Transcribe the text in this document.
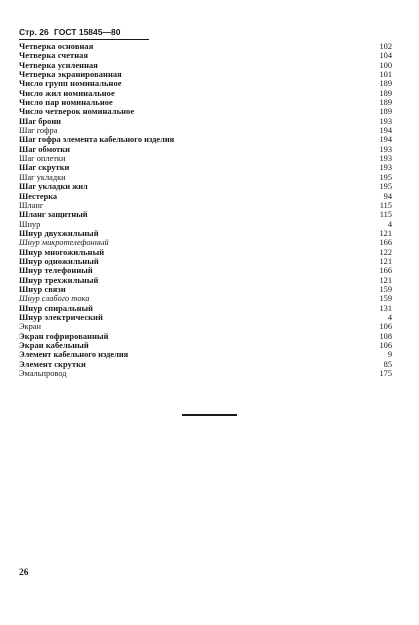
Стр. 26 ГОСТ 15845—80
Четверка основная	102
Четверка счетная	104
Четверка усиленная	100
Четверка экранированная	101
Число групп номинальное	189
Число жил номинальное	189
Число пар номинальное	189
Число четверок номинальное	189
Шаг брони	193
Шаг гофра	194
Шаг гофра элемента кабельного изделия	194
Шаг обмотки	193
Шаг оплетки	193
Шаг скрутки	193
Шаг укладки	195
Шаг укладки жил	195
Шестерка	94
Шланг	115
Шланг защитный	115
Шнур	4
Шнур двухжильный	121
Шнур микротелефонный	166
Шнур многожильный	122
Шнур одножильный	121
Шнур телефонный	166
Шнур трехжильный	121
Шнур связи	159
Шнур слабого тока	159
Шнур спиральный	131
Шнур электрический	4
Экран	106
Экран гофрированный	108
Экран кабельный	106
Элемент кабельного изделия	9
Элемент скрутки	85
Эмальпровод	175
26
